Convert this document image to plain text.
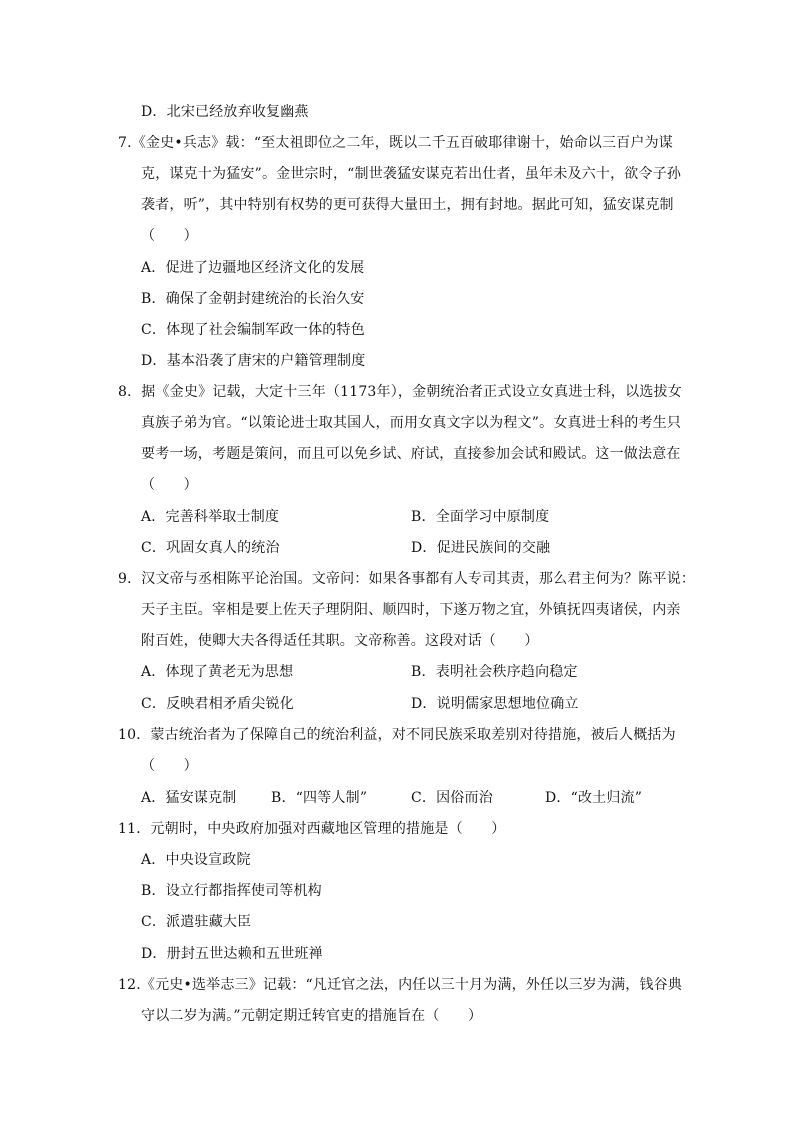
D．北宋已经放弃收复幽燕
7.《金史•兵志》载：“至太祖即位之二年，既以二千五百破耶律谢十，始命以三百户为谋
克，谋克十为猛安”。金世宗时，“制世袭猛安谋克若出仕者，虽年未及六十，欲令子孙
袭者，听”，其中特别有权势的更可获得大量田土，拥有封地。据此可知，猛安谋克制
（　　）
A．促进了边疆地区经济文化的发展
B．确保了金朝封建统治的长治久安
C．体现了社会编制军政一体的特色
D．基本沿袭了唐宋的户籍管理制度
8．据《金史》记载，大定十三年（1173年），金朝统治者正式设立女真进士科，以选拔女
真族子弟为官。“以策论进士取其国人，而用女真文字以为程文”。女真进士科的考生只
要考一场，考题是策问，而且可以免乡试、府试，直接参加会试和殿试。这一做法意在
（　　）
A．完善科举取士制度	B．全面学习中原制度
C．巩固女真人的统治	D．促进民族间的交融
9．汉文帝与丞相陈平论治国。文帝问：如果各事都有人专司其责，那么君主何为？陈平说：
天子主臣。宰相是要上佐天子理阴阳、顺四时，下遂万物之宜，外镇抚四夷诸侯，内亲
附百姓，使卿大夫各得适任其职。文帝称善。这段对话（　　）
A．体现了黄老无为思想	B．表明社会秩序趋向稳定
C．反映君相矛盾尖锐化	D．说明儒家思想地位确立
10．蒙古统治者为了保障自己的统治利益，对不同民族采取差别对待措施，被后人概括为
（　　）
A．猛安谋克制 B．“四等人制”	C．因俗而治	D．“改土归流”
11．元朝时，中央政府加强对西藏地区管理的措施是（　　）
A．中央设宣政院
B．设立行都指挥使司等机构
C．派遣驻藏大臣
D．册封五世达赖和五世班禅
12.《元史•选举志三》记载：“凡迁官之法，内任以三十月为满，外任以三岁为满，钱谷典
守以二岁为满。”元朝定期迁转官吏的措施旨在（　　）
